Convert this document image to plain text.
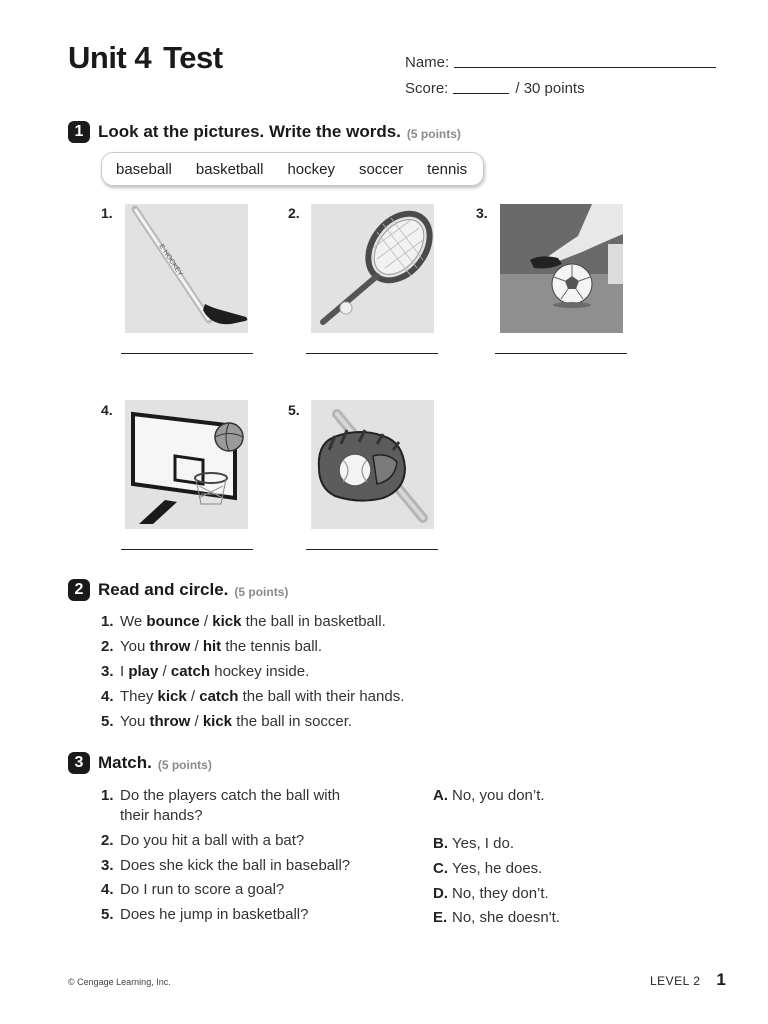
Unit 4 Test	Name:
Score:	/ 30 points
1 Look at the pictures. Write the words. (5 points)
baseball basketball hockey soccer tennis
1.
E·HOCKEY
2.	3.
4.	5.
2 Read and circle. (5 points)
1. We bounce / kick the ball in basketball.
2. You throw / hit the tennis ball.
3. I play / catch hockey inside.
4. They kick / catch the ball with their hands.
5. You throw / kick the ball in soccer.
3 Match. (5 points)
1. Do the players catch the ball with
their hands?
2. Do you hit a ball with a bat?
3. Does she kick the ball in baseball?
4. Do I run to score a goal?
5. Does he jump in basketball?
A. No, you don’t.
B. Yes, I do.
C. Yes, he does.
D. No, they don’t.
E. No, she doesn't.
© Cengage Learning, Inc.	LEVEL 2 1
